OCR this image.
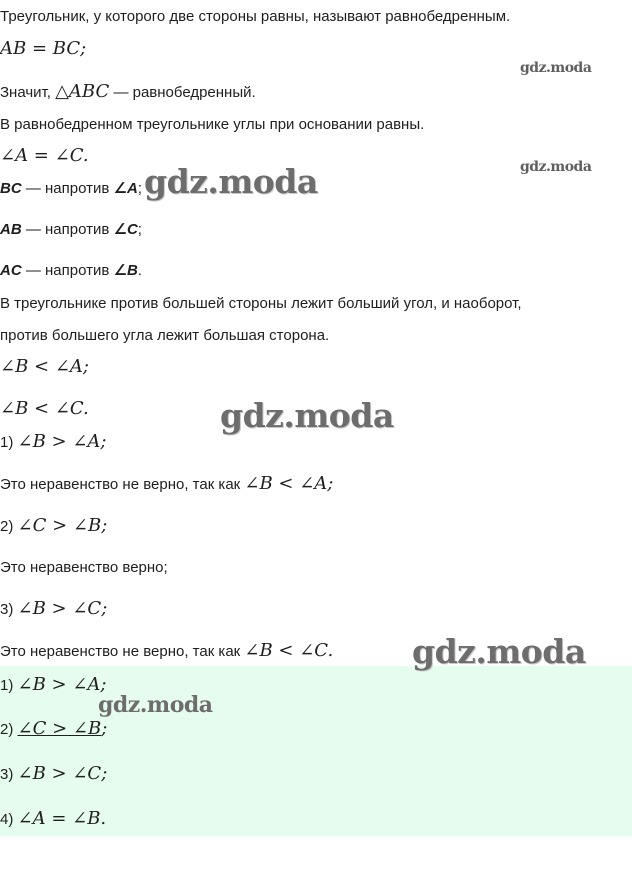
Треугольник, у которого две стороны равны, называют равнобедренным.
AB = BC;
Значит, △ABC — равнобедренный.
В равнобедренном треугольнике углы при основании равны.
∠A = ∠C.
BC — напротив ∠A;
AB — напротив ∠C;
AC — напротив ∠B.
В треугольнике против большей стороны лежит больший угол, и наоборот,
против большего угла лежит большая сторона.
∠B < ∠A;
∠B < ∠C.
1) ∠B > ∠A;
Это неравенство не верно, так как ∠B < ∠A;
2) ∠C > ∠B;
Это неравенство верно;
3) ∠B > ∠C;
Это неравенство не верно, так как ∠B < ∠C.
1) ∠B > ∠A;
2) ∠C > ∠B;
3) ∠B > ∠C;
4) ∠A = ∠B.
gdz.moda
gdz.moda
gdz.moda
gdz.moda
gdz.moda
gdz.moda
